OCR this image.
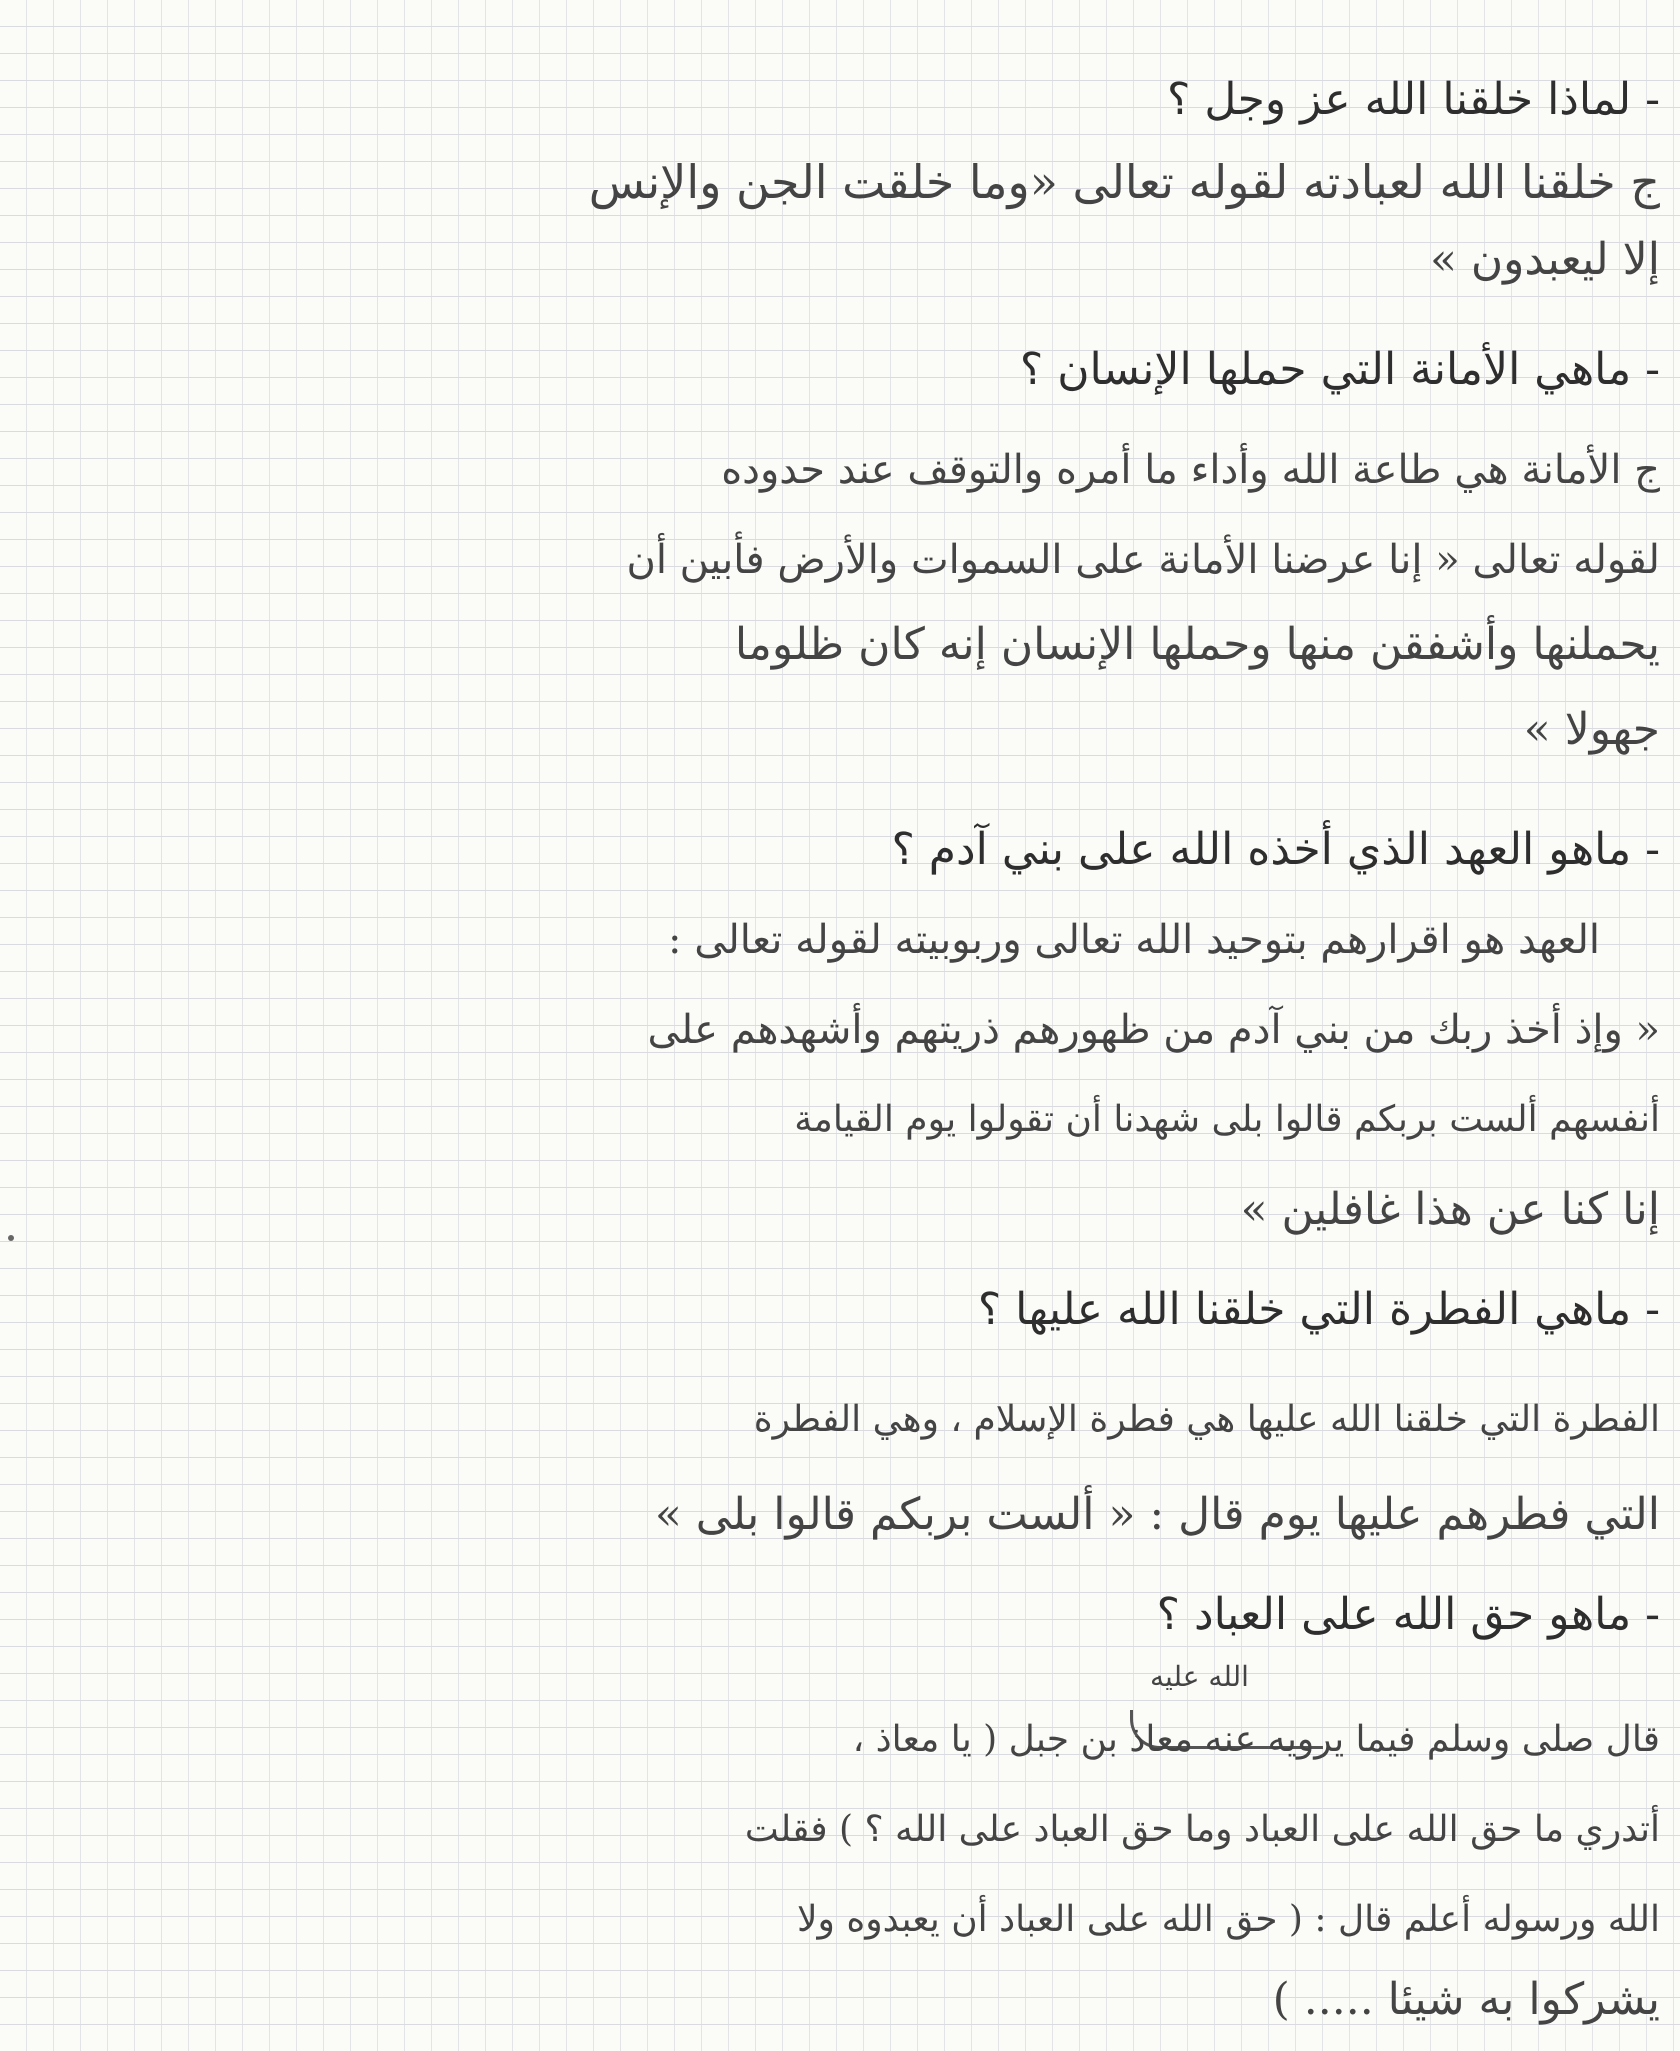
- لماذا خلقنا الله عز وجل ؟
ج خلقنا الله لعبادته لقوله تعالى «وما خلقت الجن والإنس
إلا ليعبدون »
- ماهي الأمانة التي حملها الإنسان ؟
ج الأمانة هي طاعة الله وأداء ما أمره والتوقف عند حدوده
لقوله تعالى « إنا عرضنا الأمانة على السموات والأرض فأبين أن
يحملنها وأشفقن منها وحملها الإنسان إنه كان ظلوما
جهولا »
- ماهو العهد الذي أخذه الله على بني آدم ؟
العهد هو اقرارهم بتوحيد الله تعالى وربوبيته لقوله تعالى :
« وإذ أخذ ربك من بني آدم من ظهورهم ذريتهم وأشهدهم على
أنفسهم ألست بربكم قالوا بلى شهدنا أن تقولوا يوم القيامة
إنا كنا عن هذا غافلين »
- ماهي الفطرة التي خلقنا الله عليها ؟
الفطرة التي خلقنا الله عليها هي فطرة الإسلام ، وهي الفطرة
التي فطرهم عليها يوم قال : « ألست بربكم قالوا بلى »
- ماهو حق الله على العباد ؟
الله عليه
قال صلى وسلم فيما يرويه عنه معاذ بن جبل ( يا معاذ ،
أتدري ما حق الله على العباد وما حق العباد على الله ؟ ) فقلت
الله ورسوله أعلم قال : ( حق الله على العباد أن يعبدوه ولا
يشركوا به شيئا ..... )
